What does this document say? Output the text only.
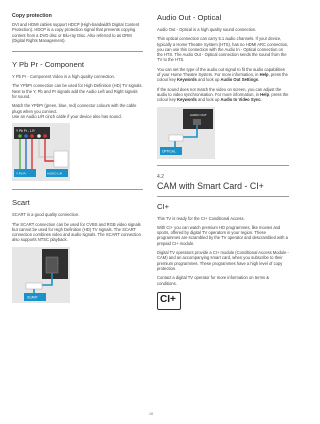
Copy protection

DVI and HDMI cables support HDCP (High-bandwidth Digital Content Protection). HDCP is a copy protection signal that prevents copying content from a DVD disc or Blu-ray Disc. Also referred to as DRM (Digital Rights Management).

Y Pb Pr - Component

Y Pb Pr - Component Video is a high quality connection.

The YPbPr connection can be used for High Definition (HD) TV signals. Next to the Y, Pb and Pr signals add the Audio Left and Right signals for sound.

Match the YPbPr (green, blue, red) connector colours with the cable plugs when you connect.

Use an Audio L/R cinch cable if your device also has sound.

Y Pb Pr - L R
Y Pb Pr	AUDIO L/R
Scart

SCART is a good quality connection.

The SCART connection can be used for CVBS and RGB video signals but cannot be used for High Definition (HD) TV signals. The SCART connection combines video and audio signals. The SCART connection also supports NTSC playback.

SCART
Audio Out - Optical

Audio Out - Optical is a high quality sound connection.

This optical connection can carry 5.1 audio channels. If your device, typically a Home Theatre System (HTS), has no HDMI ARC connection, you can use this connection with the Audio In - Optical connection on the HTS. The Audio Out - Optical connection sends the sound from the TV to the HTS.

You can set the type of the audio out signal to fit the audio capabilities of your Home Theatre System. For more information, in Help, press the colour key Keywords and look up Audio Out Settings.

If the sound does not match the video on screen, you can adjust the audio to video synchronisation. For more information, in Help, press the colour key Keywords and look up Audio to Video Sync.

AUDIO OUT
OPTICAL
4.2
CAM with Smart Card - CI+
CI+

This TV is ready for the CI+ Conditional Access.

With CI+ you can watch premium HD programmes, like movies and sports, offered by digital TV operators in your region. These programmes are scrambled by the TV operator and descrambled with a prepaid CI+ module.

Digital TV operators provide a CI+ module (Conditional Access Module - CAM) and an accompanying smart card, when you subscribe to their premium programmes. These programmes have a high level of copy protection.

Contact a digital TV operator for more information on terms & conditions.

CI+
18
